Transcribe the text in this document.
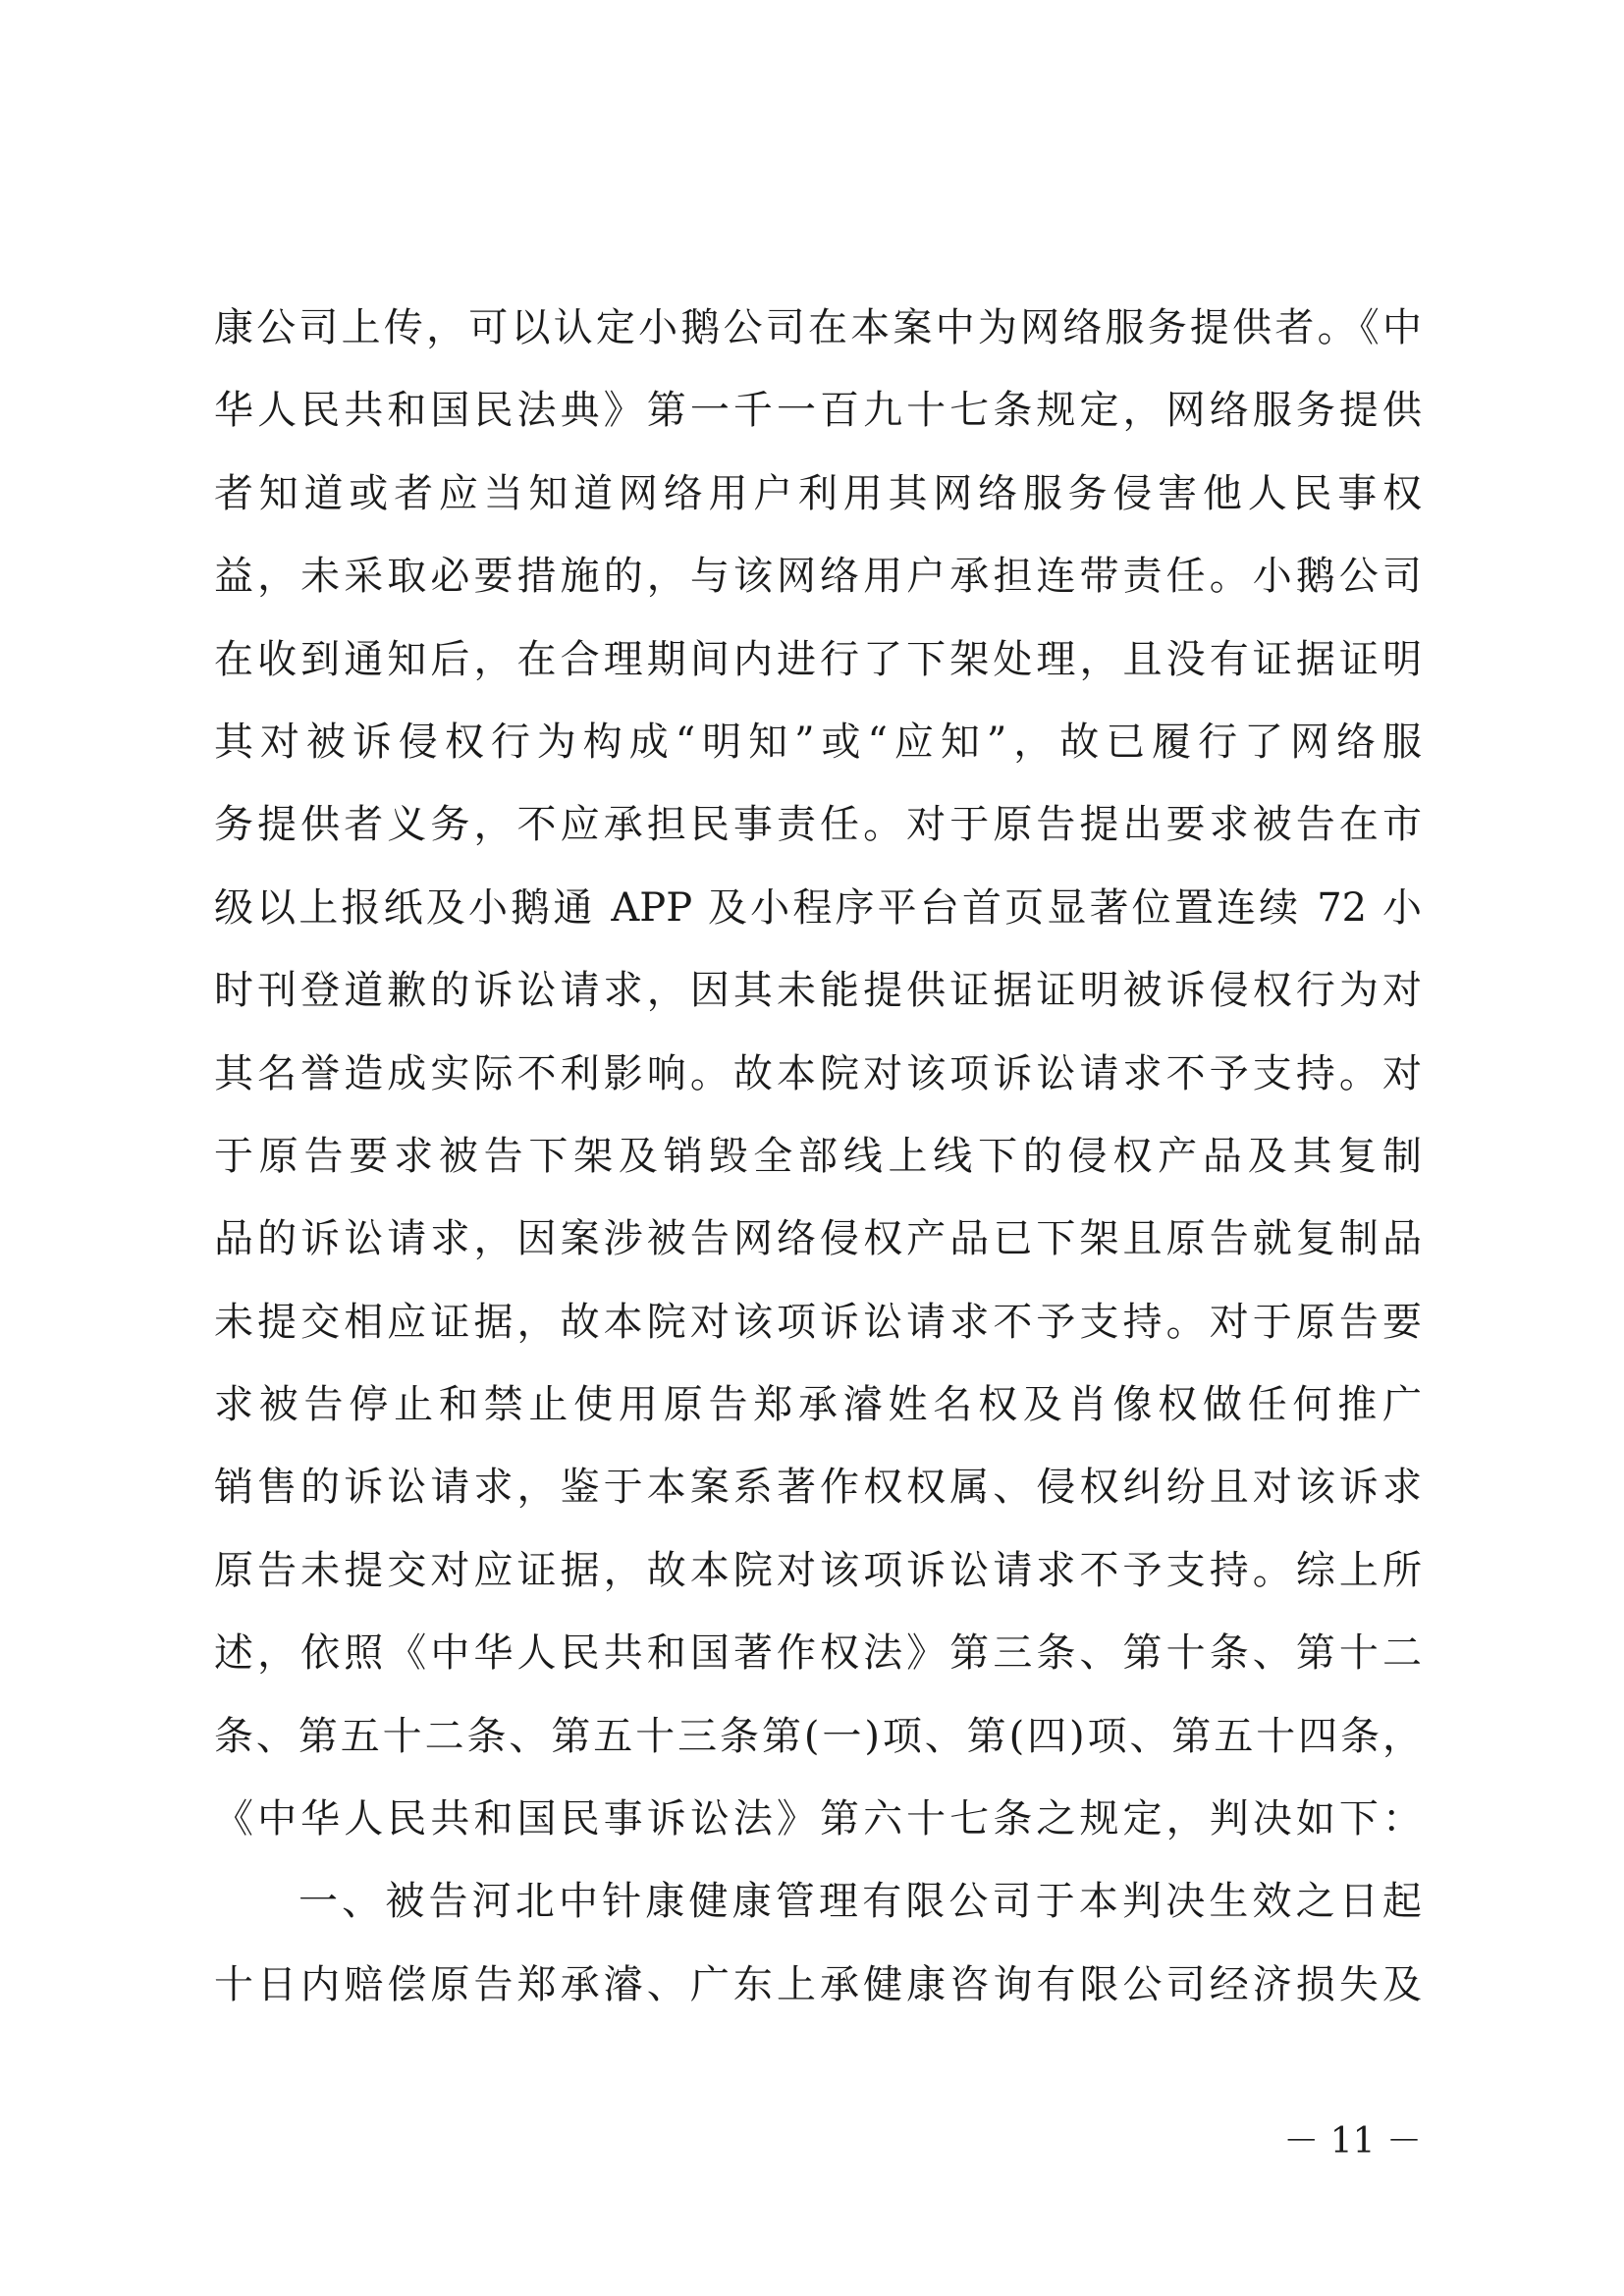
康公司上传，可以认定小鹅公司在本案中为网络服务提供者。《中
华人民共和国民法典》第一千一百九十七条规定，网络服务提供
者知道或者应当知道网络用户利用其网络服务侵害他人民事权
益，未采取必要措施的，与该网络用户承担连带责任。小鹅公司
在收到通知后，在合理期间内进行了下架处理，且没有证据证明
其对被诉侵权行为构成“明知”或“应知”，故已履行了网络服
务提供者义务，不应承担民事责任。对于原告提出要求被告在市
级以上报纸及小鹅通 APP 及小程序平台首页显著位置连续 72 小
时刊登道歉的诉讼请求，因其未能提供证据证明被诉侵权行为对
其名誉造成实际不利影响。故本院对该项诉讼请求不予支持。对
于原告要求被告下架及销毁全部线上线下的侵权产品及其复制
品的诉讼请求，因案涉被告网络侵权产品已下架且原告就复制品
未提交相应证据，故本院对该项诉讼请求不予支持。对于原告要
求被告停止和禁止使用原告郑承濬姓名权及肖像权做任何推广
销售的诉讼请求，鉴于本案系著作权权属、侵权纠纷且对该诉求
原告未提交对应证据，故本院对该项诉讼请求不予支持。综上所
述，依照《中华人民共和国著作权法》第三条、第十条、第十二
条、第五十二条、第五十三条第(一)项、第(四)项、第五十四条，
《中华人民共和国民事诉讼法》第六十七条之规定，判决如下：
一、被告河北中针康健康管理有限公司于本判决生效之日起
十日内赔偿原告郑承濬、广东上承健康咨询有限公司经济损失及
－ 11 －
